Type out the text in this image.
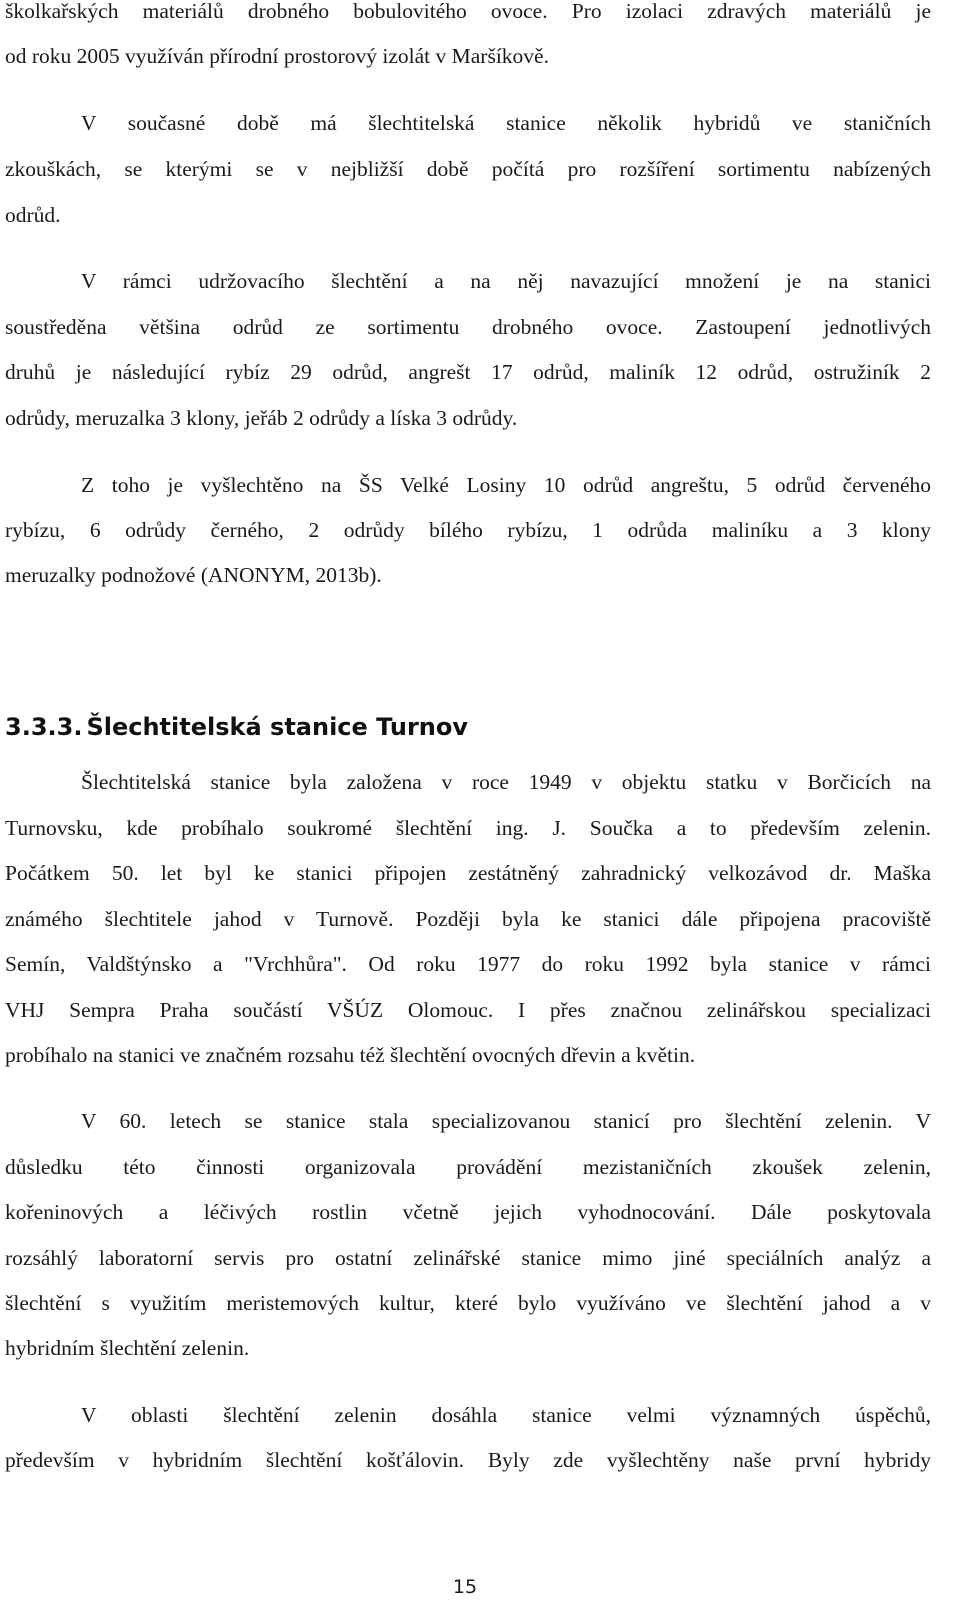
školkařských materiálů drobného bobulovitého ovoce. Pro izolaci zdravých materiálů je
od roku 2005 využíván přírodní prostorový izolát v Maršíkově.
V současné době má šlechtitelská stanice několik hybridů ve staničních
zkouškách, se kterými se v nejbližší době počítá pro rozšíření sortimentu nabízených
odrůd.
V rámci udržovacího šlechtění a na něj navazující množení je na stanici
soustředěna většina odrůd ze sortimentu drobného ovoce. Zastoupení jednotlivých
druhů je následující rybíz 29 odrůd, angrešt 17 odrůd, maliník 12 odrůd, ostružiník 2
odrůdy, meruzalka 3 klony, jeřáb 2 odrůdy a líska 3 odrůdy.
Z toho je vyšlechtěno na ŠS Velké Losiny 10 odrůd angreštu, 5 odrůd červeného
rybízu, 6 odrůdy černého, 2 odrůdy bílého rybízu, 1 odrůda maliníku a 3 klony
meruzalky podnožové (ANONYM, 2013b).
3.3.3. Šlechtitelská stanice Turnov
Šlechtitelská stanice byla založena v roce 1949 v objektu statku v Borčicích na
Turnovsku, kde probíhalo soukromé šlechtění ing. J. Součka a to především zelenin.
Počátkem 50. let byl ke stanici připojen zestátněný zahradnický velkozávod dr. Maška
známého šlechtitele jahod v Turnově. Později byla ke stanici dále připojena pracoviště
Semín, Valdštýnsko a "Vrchhůra". Od roku 1977 do roku 1992 byla stanice v rámci
VHJ Sempra Praha součástí VŠÚZ Olomouc. I přes značnou zelinářskou specializaci
probíhalo na stanici ve značném rozsahu též šlechtění ovocných dřevin a květin.
V 60. letech se stanice stala specializovanou stanicí pro šlechtění zelenin. V
důsledku této činnosti organizovala provádění mezistaničních zkoušek zelenin,
kořeninových a léčivých rostlin včetně jejich vyhodnocování. Dále poskytovala
rozsáhlý laboratorní servis pro ostatní zelinářské stanice mimo jiné speciálních analýz a
šlechtění s využitím meristemových kultur, které bylo využíváno ve šlechtění jahod a v
hybridním šlechtění zelenin.
V oblasti šlechtění zelenin dosáhla stanice velmi významných úspěchů,
především v hybridním šlechtění košťálovin. Byly zde vyšlechtěny naše první hybridy
15
